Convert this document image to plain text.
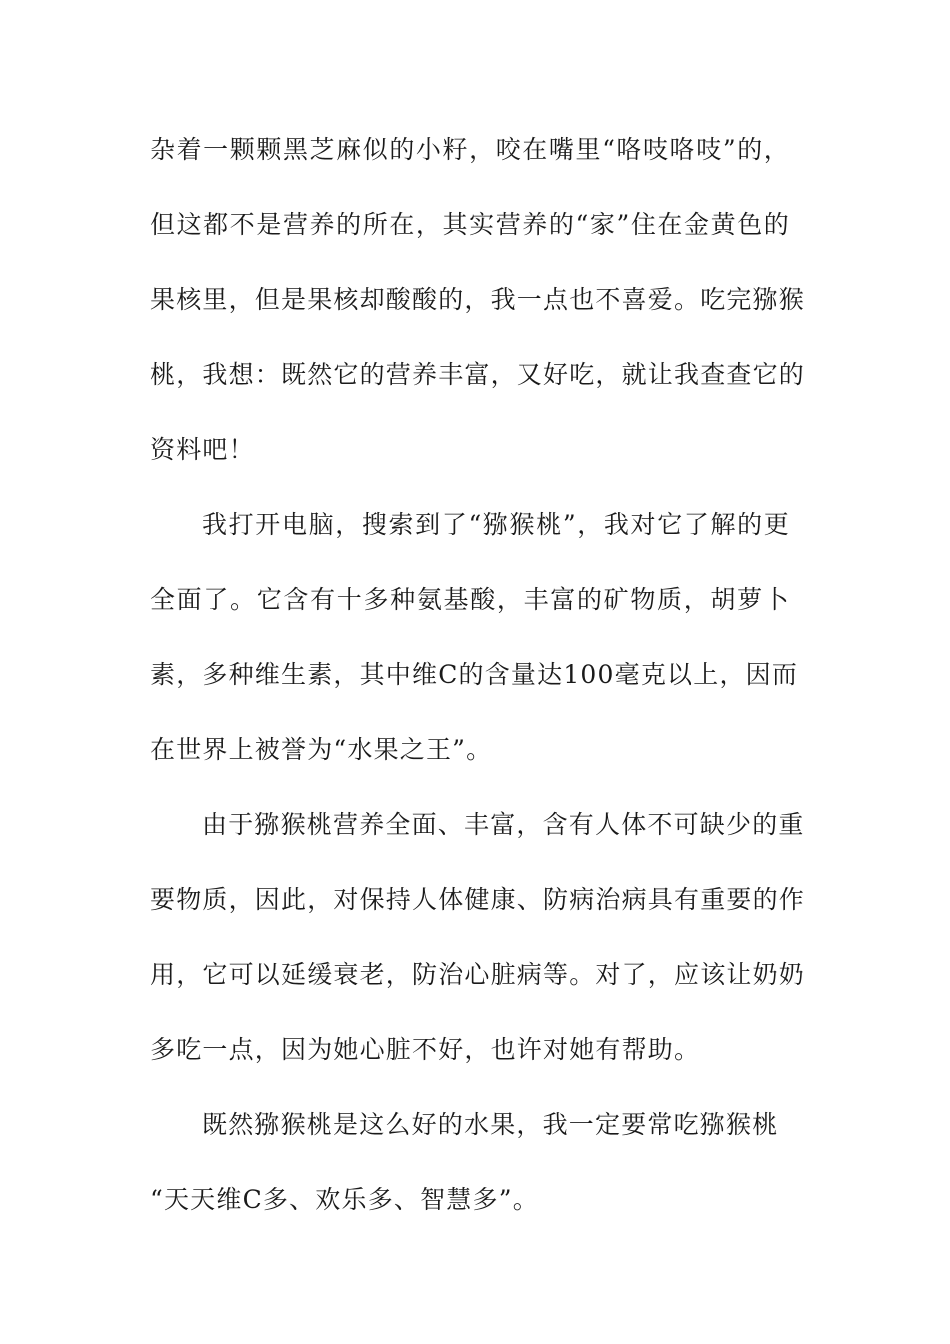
杂着一颗颗黑芝麻似的小籽，咬在嘴里“咯吱咯吱”的，
但这都不是营养的所在，其实营养的“家”住在金黄色的
果核里，但是果核却酸酸的，我一点也不喜爱。吃完猕猴
桃，我想：既然它的营养丰富，又好吃，就让我查查它的
资料吧！
我打开电脑，搜索到了“猕猴桃”，我对它了解的更
全面了。它含有十多种氨基酸，丰富的矿物质，胡萝卜
素，多种维生素，其中维C的含量达100毫克以上，因而
在世界上被誉为“水果之王”。
由于猕猴桃营养全面、丰富，含有人体不可缺少的重
要物质，因此，对保持人体健康、防病治病具有重要的作
用，它可以延缓衰老，防治心脏病等。对了，应该让奶奶
多吃一点，因为她心脏不好，也许对她有帮助。
既然猕猴桃是这么好的水果，我一定要常吃猕猴桃
“天天维C多、欢乐多、智慧多”。
